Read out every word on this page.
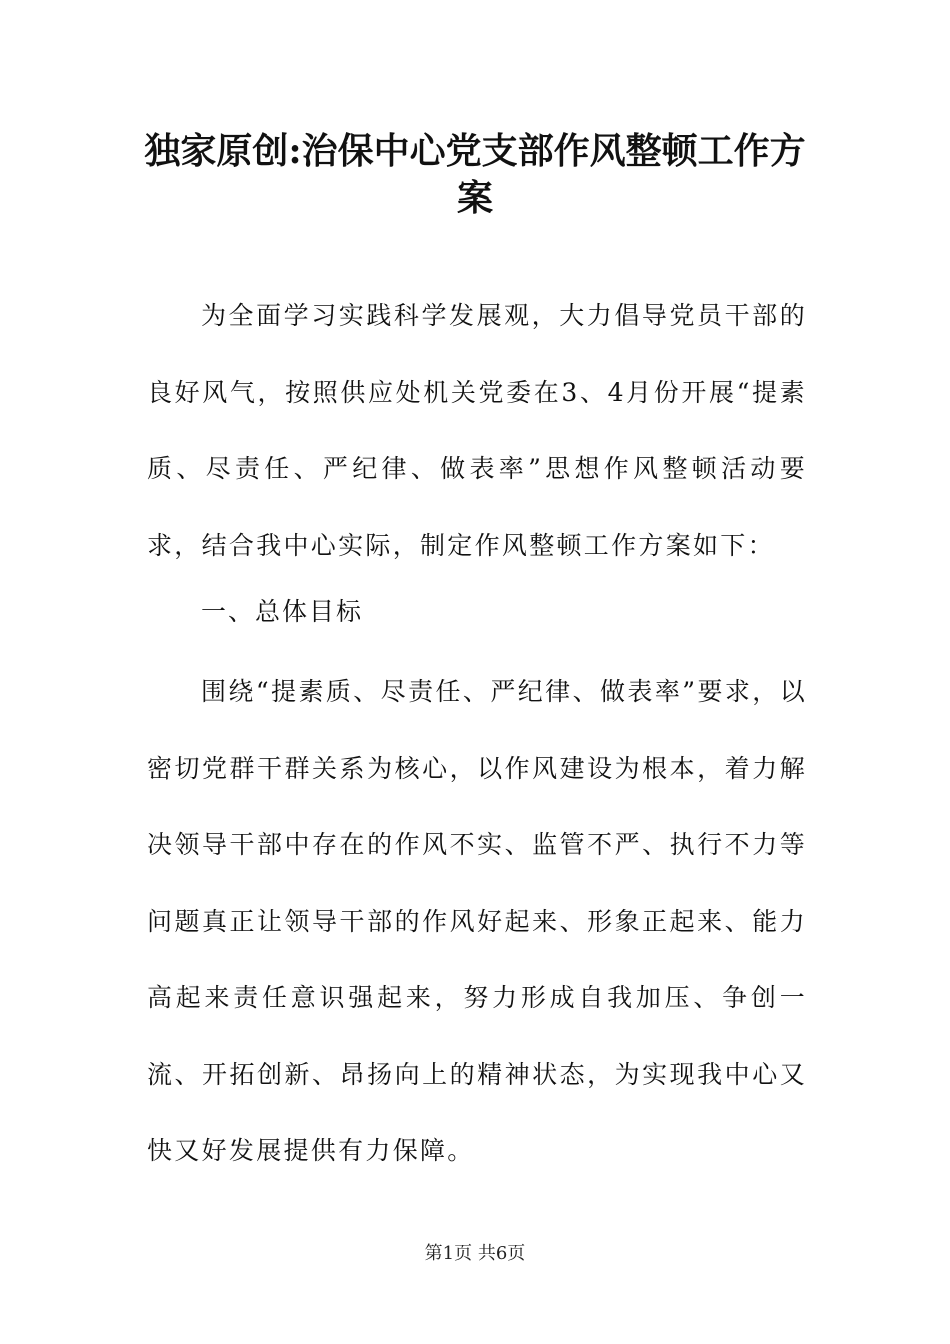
独家原创:治保中心党支部作风整顿工作方案

为全面学习实践科学发展观，大力倡导党员干部的良好风气，按照供应处机关党委在3、4月份开展“提素质、尽责任、严纪律、做表率”思想作风整顿活动要求，结合我中心实际，制定作风整顿工作方案如下：

一、总体目标

围绕“提素质、尽责任、严纪律、做表率”要求，以密切党群干群关系为核心，以作风建设为根本，着力解决领导干部中存在的作风不实、监管不严、执行不力等问题真正让领导干部的作风好起来、形象正起来、能力高起来责任意识强起来，努力形成自我加压、争创一流、开拓创新、昂扬向上的精神状态，为实现我中心又快又好发展提供有力保障。

第1页 共6页
